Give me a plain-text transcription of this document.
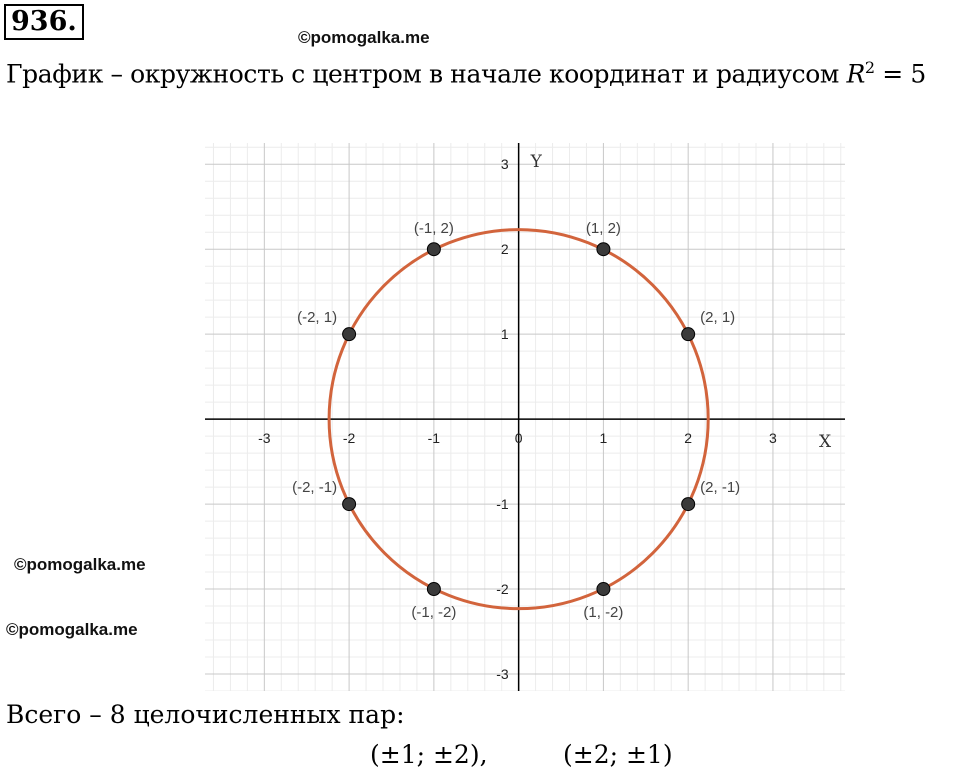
936.
©pomogalka.me
©pomogalka.me
©pomogalka.me
График – окружность с центром в начале координат и радиусом $R^2 = 5$
-3	-2	-1	0	1	2	3
-3
-2
-1
1
2
3
(-1, 2)	(1, 2)
(-2, 1)	(2, 1)
(-2, -1)	(2, -1)
(-1, -2)	(1, -2)
X
Y
Всего – 8 целочисленных пар:
(±1; ±2),	(±2; ±1)
